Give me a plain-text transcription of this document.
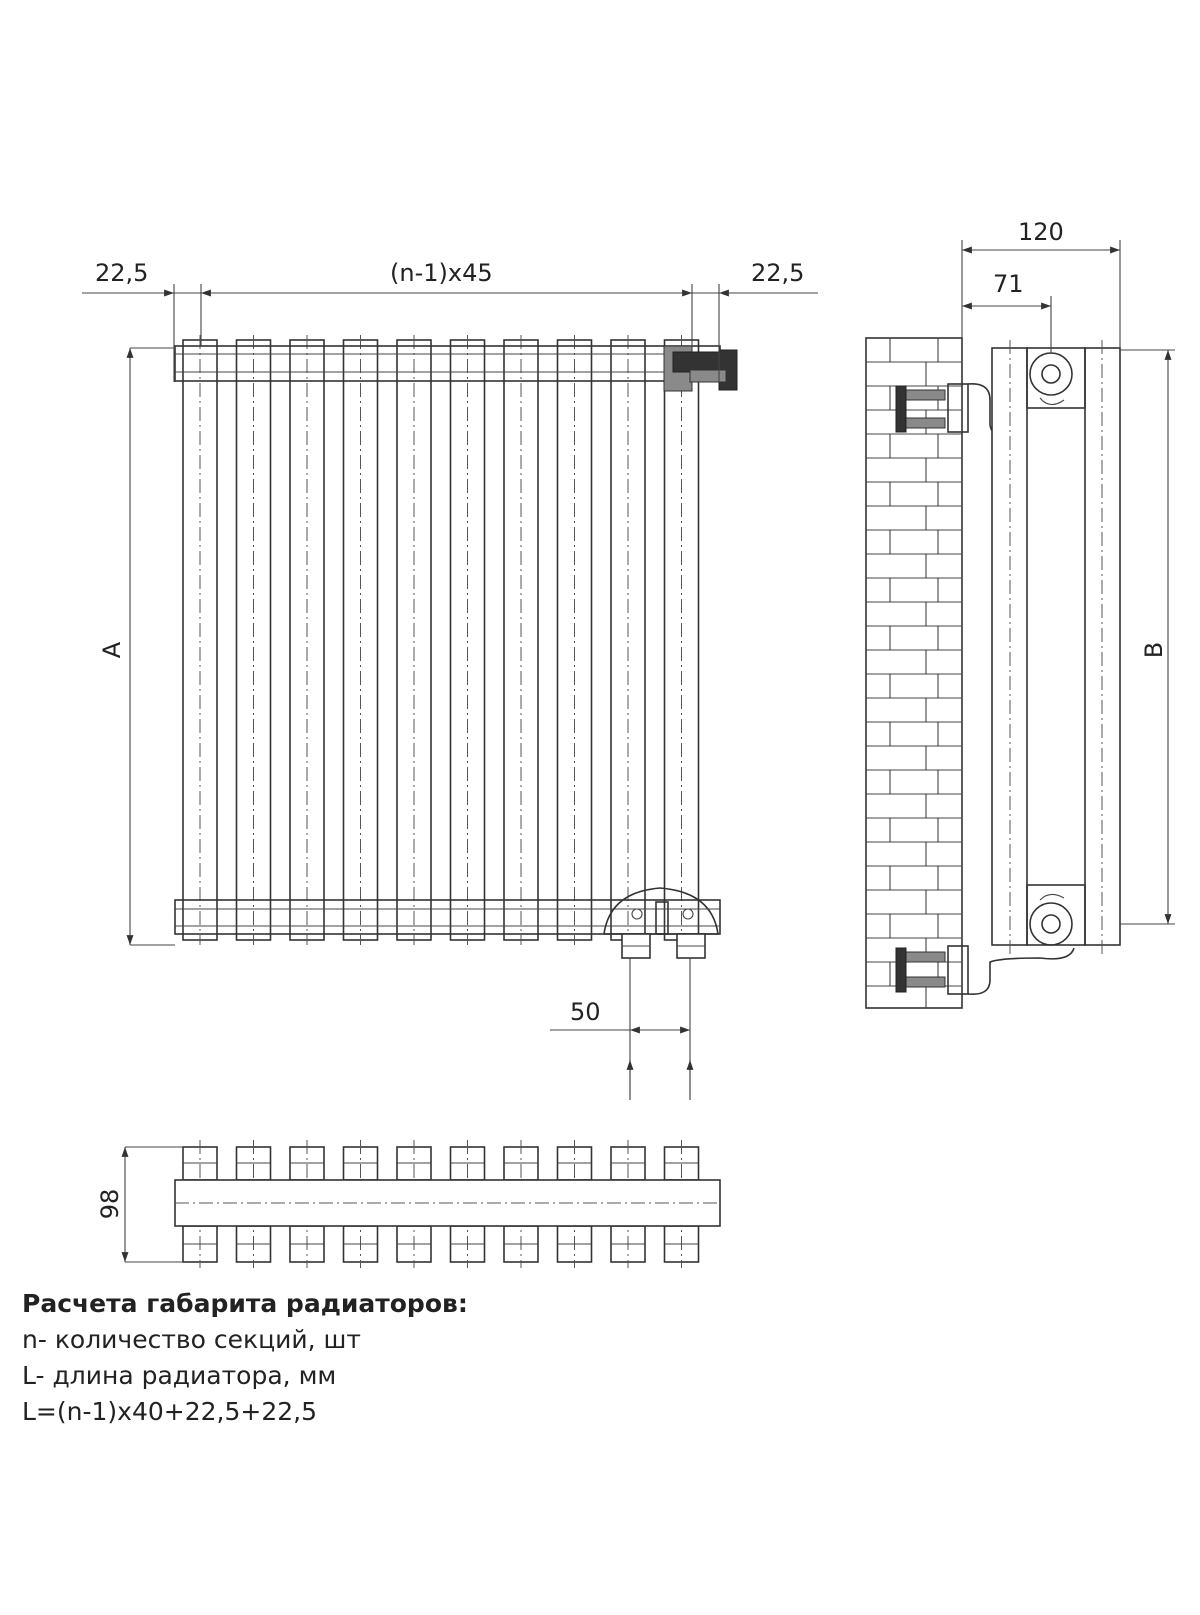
22,5	(n-1)x45	22,5
A
50
120
71
B
98
Расчета габарита радиаторов:
n- количество секций, шт
L- длина радиатора, мм
L=(n-1)x40+22,5+22,5
